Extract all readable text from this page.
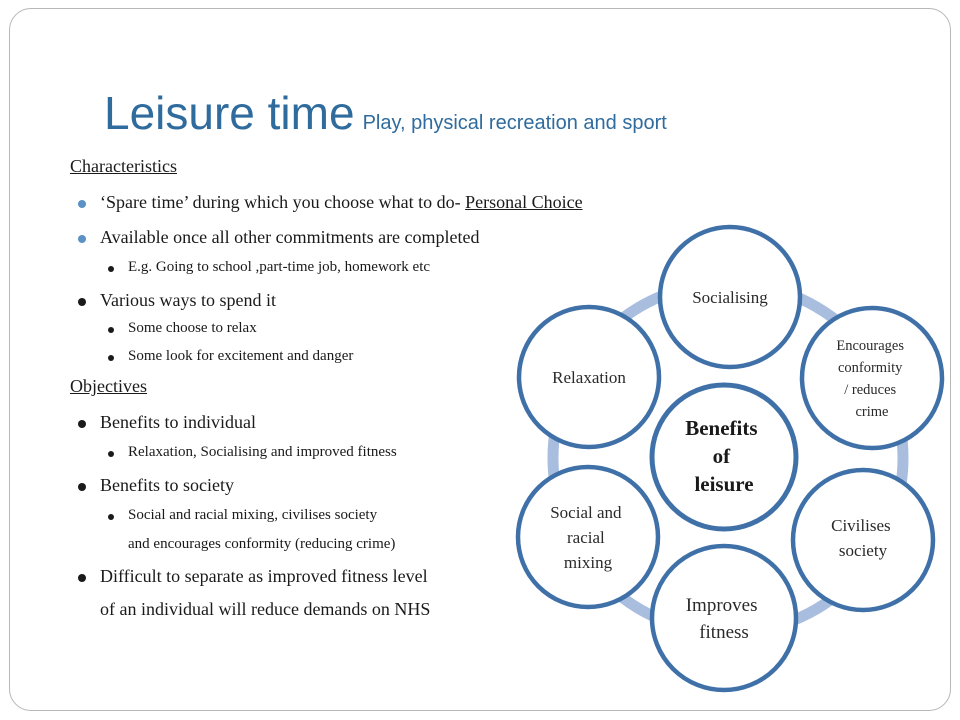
Leisure time Play, physical recreation and sport
Characteristics
‘Spare time’ during which you choose what to do- Personal Choice
Available once all other commitments are completed
E.g. Going to school ,part-time job, homework etc
Various ways to spend it
Some choose to relax
Some look for excitement and danger
Objectives
Benefits to individual
Relaxation, Socialising and improved fitness
Benefits to society
Social and racial mixing, civilises society
and encourages conformity (reducing crime)
Difficult to separate as improved fitness level
of an individual will reduce demands on NHS
Socialising
Encourages conformity / reduces crime
Civilises society
Improves fitness
Social and racial mixing
Relaxation
Benefits of leisure
